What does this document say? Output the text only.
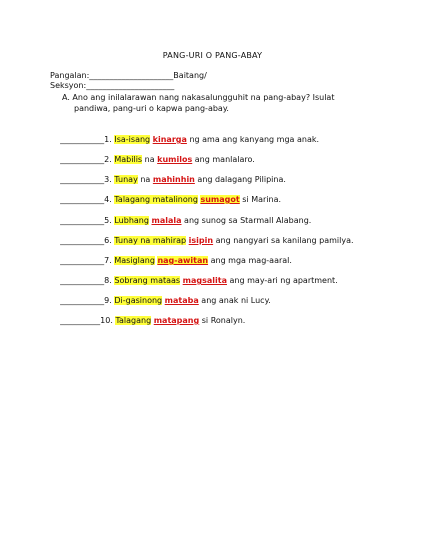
PANG-URI O PANG-ABAY
Pangalan:_____________________Baitang/
Seksyon:______________________
A. Ano ang inilalarawan nang nakasalungguhit na pang-abay? Isulat
pandiwa, pang-uri o kapwa pang-abay.

___________1. Isa-isang kinarga ng ama ang kanyang mga anak.

___________2. Mabilis na kumilos ang manlalaro.

___________3. Tunay na mahinhin ang dalagang Pilipina.

___________4. Talagang matalinong sumagot si Marina.

___________5. Lubhang malala ang sunog sa Starmall Alabang.

___________6. Tunay na mahirap isipin ang nangyari sa kanilang pamilya.

___________7. Masiglang nag-awitan ang mga mag-aaral.

___________8. Sobrang mataas magsalita ang may-ari ng apartment.

___________9. Di-gasinong mataba ang anak ni Lucy.

__________10. Talagang matapang si Ronalyn.
